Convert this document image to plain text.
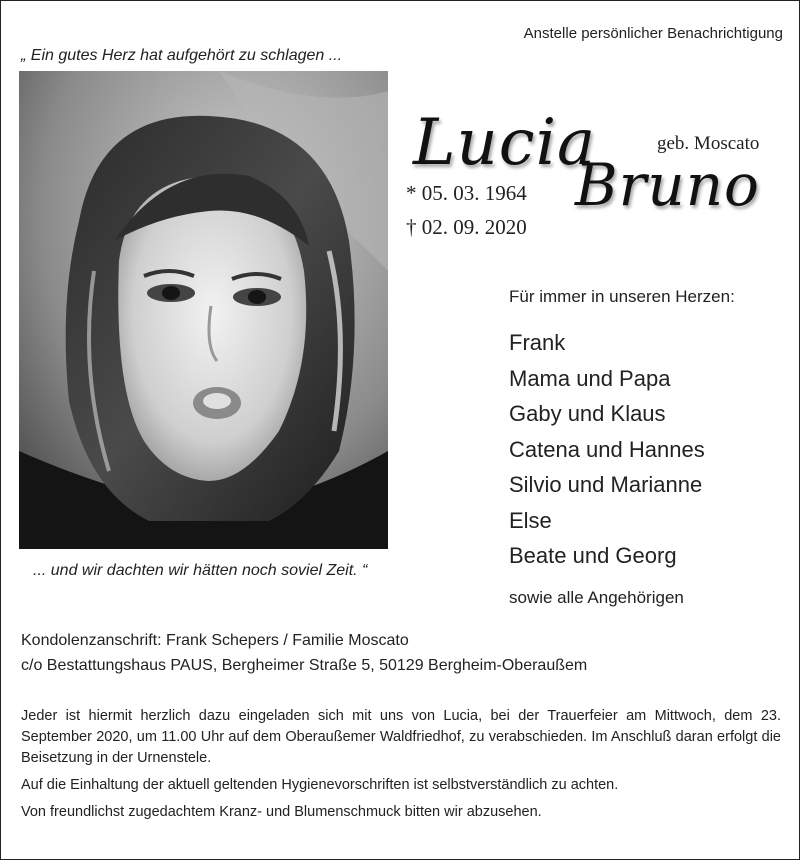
Anstelle persönlicher Benachrichtigung
„ Ein gutes Herz hat aufgehört zu schlagen ...
... und wir dachten wir hätten noch soviel Zeit. “
Lucia	geb. Moscato
Bruno
* 05. 03. 1964
† 02. 09. 2020
Für immer in unseren Herzen:
Frank
Mama und Papa
Gaby und Klaus
Catena und Hannes
Silvio und Marianne
Else
Beate und Georg
sowie alle Angehörigen
Kondolenzanschrift: Frank Schepers / Familie Moscato
c/o Bestattungshaus PAUS, Bergheimer Straße 5, 50129 Bergheim-Oberaußem

Jeder ist hiermit herzlich dazu eingeladen sich mit uns von Lucia, bei der Trauerfeier am Mittwoch, dem 23. September 2020, um 11.00 Uhr auf dem Oberaußemer Waldfriedhof, zu verabschieden. Im Anschluß daran erfolgt die Beisetzung in der Urnenstele.

Auf die Einhaltung der aktuell geltenden Hygienevorschriften ist selbstverständlich zu achten.

Von freundlichst zugedachtem Kranz- und Blumenschmuck bitten wir abzusehen.
